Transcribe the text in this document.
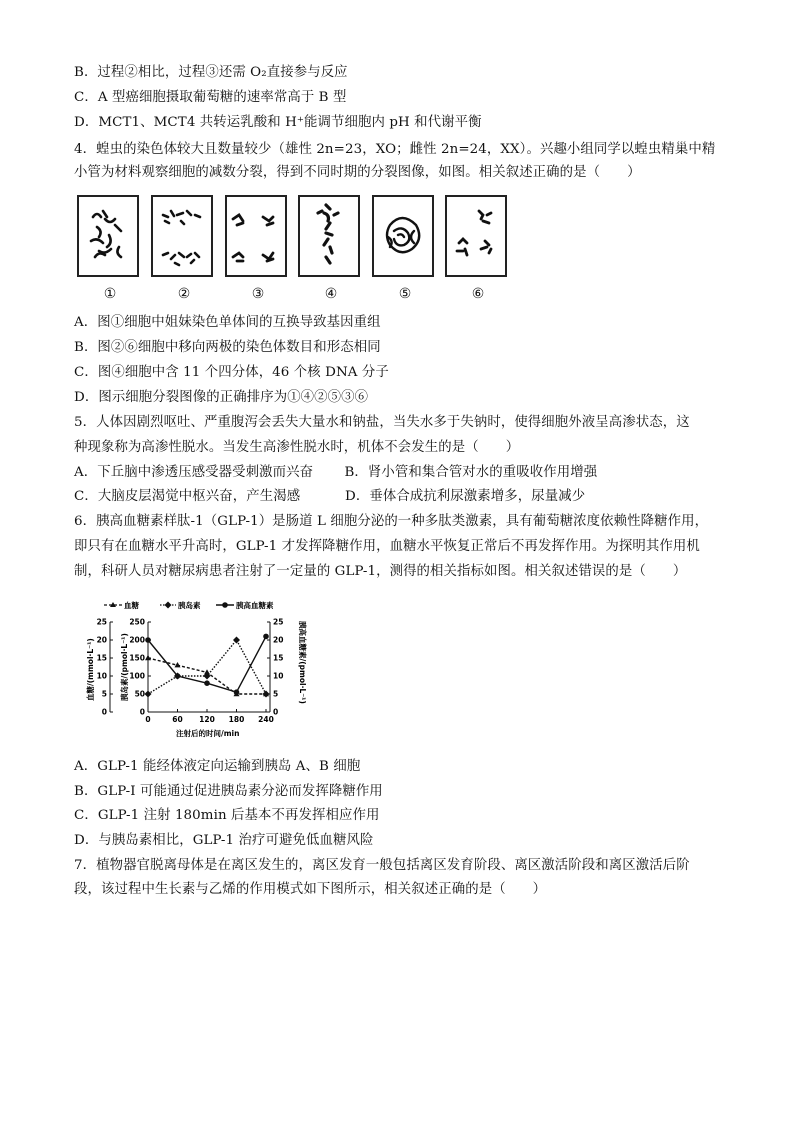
B．过程②相比，过程③还需 O₂直接参与反应
C．A 型癌细胞摄取葡萄糖的速率常高于 B 型
D．MCT1、MCT4 共转运乳酸和 H⁺能调节细胞内 pH 和代谢平衡
4．蝗虫的染色体较大且数量较少（雄性 2n=23，XO；雌性 2n=24，XX）。兴趣小组同学以蝗虫精巢中精
小管为材料观察细胞的减数分裂，得到不同时期的分裂图像，如图。相关叙述正确的是（　　）
①	②	③	④	⑤	⑥
A．图①细胞中姐妹染色单体间的互换导致基因重组
B．图②⑥细胞中移向两极的染色体数目和形态相同
C．图④细胞中含 11 个四分体，46 个核 DNA 分子
D．图示细胞分裂图像的正确排序为①④②⑤③⑥
5．人体因剧烈呕吐、严重腹泻会丢失大量水和钠盐，当失水多于失钠时，使得细胞外液呈高渗状态，这
种现象称为高渗性脱水。当发生高渗性脱水时，机体不会发生的是（　　）
A．下丘脑中渗透压感受器受刺激而兴奋　　 B．肾小管和集合管对水的重吸收作用增强
C．大脑皮层渴觉中枢兴奋，产生渴感　　　 D．垂体合成抗利尿激素增多，尿量减少
6．胰高血糖素样肽-1（GLP-1）是肠道 L 细胞分泌的一种多肽类激素，具有葡萄糖浓度依赖性降糖作用，
即只有在血糖水平升高时，GLP-1 才发挥降糖作用，血糖水平恢复正常后不再发挥作用。为探明其作用机
制，科研人员对糖尿病患者注射了一定量的 GLP-1，测得的相关指标如图。相关叙述错误的是（　　）
血糖	胰岛素	胰高血糖素
血糖/(mmol·L⁻¹)	胰岛素/(pmol·L⁻¹)	胰高血糖素/(pmol·L⁻¹)
0
5
10
15
20
25
0
50
100
150
200
250
0
5
10
15
20
25
0	60 120 180 240
注射后的时间/min
A．GLP-1 能经体液定向运输到胰岛 A、B 细胞
B．GLP-I 可能通过促进胰岛素分泌而发挥降糖作用
C．GLP-1 注射 180min 后基本不再发挥相应作用
D．与胰岛素相比，GLP-1 治疗可避免低血糖风险
7．植物器官脱离母体是在离区发生的，离区发育一般包括离区发育阶段、离区激活阶段和离区激活后阶
段，该过程中生长素与乙烯的作用模式如下图所示，相关叙述正确的是（　　）
